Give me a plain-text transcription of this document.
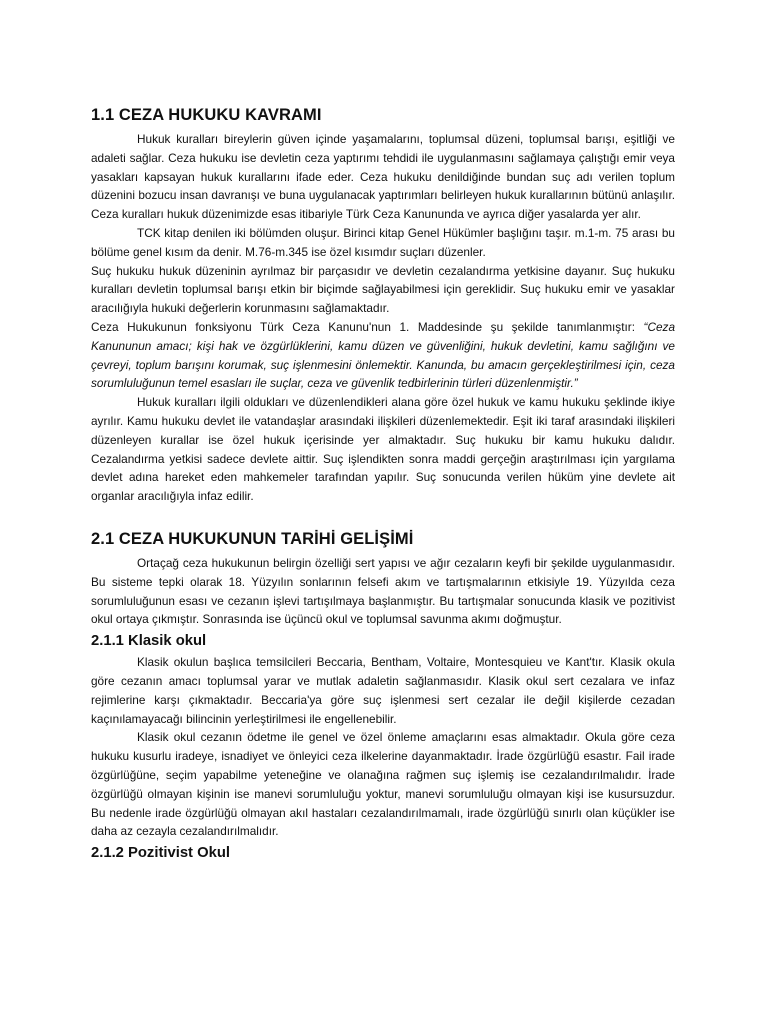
1.1 CEZA HUKUKU KAVRAMI

Hukuk kuralları bireylerin güven içinde yaşamalarını, toplumsal düzeni, toplumsal barışı, eşitliği ve adaleti sağlar. Ceza hukuku ise devletin ceza yaptırımı tehdidi ile uygulanmasını sağlamaya çalıştığı emir veya yasakları kapsayan hukuk kurallarını ifade eder. Ceza hukuku denildiğinde bundan suç adı verilen toplum düzenini bozucu insan davranışı ve buna uygulanacak yaptırımları belirleyen hukuk kurallarının bütünü anlaşılır. Ceza kuralları hukuk düzenimizde esas itibariyle Türk Ceza Kanununda ve ayrıca diğer yasalarda yer alır.

TCK kitap denilen iki bölümden oluşur. Birinci kitap Genel Hükümler başlığını taşır. m.1-m. 75 arası bu bölüme genel kısım da denir. M.76-m.345 ise özel kısımdır suçları düzenler.

Suç hukuku hukuk düzeninin ayrılmaz bir parçasıdır ve devletin cezalandırma yetkisine dayanır. Suç hukuku kuralları devletin toplumsal barışı etkin bir biçimde sağlayabilmesi için gereklidir. Suç hukuku emir ve yasaklar aracılığıyla hukuki değerlerin korunmasını sağlamaktadır.

Ceza Hukukunun fonksiyonu Türk Ceza Kanunu'nun 1. Maddesinde şu şekilde tanımlanmıştır: “Ceza Kanununun amacı; kişi hak ve özgürlüklerini, kamu düzen ve güvenliğini, hukuk devletini, kamu sağlığını ve çevreyi, toplum barışını korumak, suç işlenmesini önlemektir. Kanunda, bu amacın gerçekleştirilmesi için, ceza sorumluluğunun temel esasları ile suçlar, ceza ve güvenlik tedbirlerinin türleri düzenlenmiştir.”

Hukuk kuralları ilgili oldukları ve düzenlendikleri alana göre özel hukuk ve kamu hukuku şeklinde ikiye ayrılır. Kamu hukuku devlet ile vatandaşlar arasındaki ilişkileri düzenlemektedir. Eşit iki taraf arasındaki ilişkileri düzenleyen kurallar ise özel hukuk içerisinde yer almaktadır. Suç hukuku bir kamu hukuku dalıdır. Cezalandırma yetkisi sadece devlete aittir. Suç işlendikten sonra maddi gerçeğin araştırılması için yargılama devlet adına hareket eden mahkemeler tarafından yapılır. Suç sonucunda verilen hüküm yine devlete ait organlar aracılığıyla infaz edilir.

2.1 CEZA HUKUKUNUN TARİHİ GELİŞİMİ

Ortaçağ ceza hukukunun belirgin özelliği sert yapısı ve ağır cezaların keyfi bir şekilde uygulanmasıdır. Bu sisteme tepki olarak 18. Yüzyılın sonlarının felsefi akım ve tartışmalarının etkisiyle 19. Yüzyılda ceza sorumluluğunun esası ve cezanın işlevi tartışılmaya başlanmıştır. Bu tartışmalar sonucunda klasik ve pozitivist okul ortaya çıkmıştır. Sonrasında ise üçüncü okul ve toplumsal savunma akımı doğmuştur.

2.1.1 Klasik okul

Klasik okulun başlıca temsilcileri Beccaria, Bentham, Voltaire, Montesquieu ve Kant'tır. Klasik okula göre cezanın amacı toplumsal yarar ve mutlak adaletin sağlanmasıdır. Klasik okul sert cezalara ve infaz rejimlerine karşı çıkmaktadır. Beccaria'ya göre suç işlenmesi sert cezalar ile değil kişilerde cezadan kaçınılamayacağı bilincinin yerleştirilmesi ile engellenebilir.

Klasik okul cezanın ödetme ile genel ve özel önleme amaçlarını esas almaktadır. Okula göre ceza hukuku kusurlu iradeye, isnadiyet ve önleyici ceza ilkelerine dayanmaktadır. İrade özgürlüğü esastır. Fail irade özgürlüğüne, seçim yapabilme yeteneğine ve olanağına rağmen suç işlemiş ise cezalandırılmalıdır. İrade özgürlüğü olmayan kişinin ise manevi sorumluluğu yoktur, manevi sorumluluğu olmayan kişi ise kusursuzdur. Bu nedenle irade özgürlüğü olmayan akıl hastaları cezalandırılmamalı, irade özgürlüğü sınırlı olan küçükler ise daha az cezayla cezalandırılmalıdır.

2.1.2 Pozitivist Okul
